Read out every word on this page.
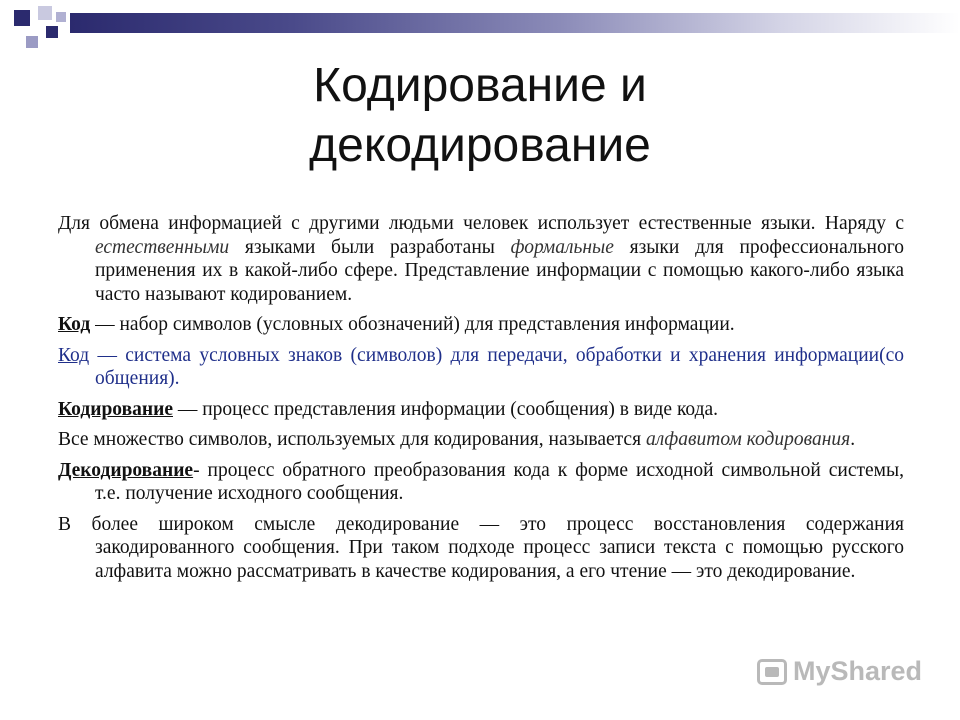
Кодирование и
декодирование

Для обмена информацией с другими людьми человек использует естественные языки. Наряду с естественными языками были разработаны формальные языки для профессионального применения их в какой-либо сфере. Представление информации с помощью какого-либо языка часто называют кодированием.

Код — набор символов (условных обозначений) для представления информации.

Код — система условных знаков (символов) для передачи, обработки и хранения информации(со общения).

Кодирование — процесс представления информации (сообщения) в виде кода.

Все множество символов, используемых для кодирования, называется алфавитом кодирования.

Декодирование- процесс обратного преобразования кода к форме исходной символьной системы, т.е. получение исходного сообщения.

В более широком смысле декодирование — это процесс восстановления содержания закодированного сообщения. При таком подходе процесс записи текста с помощью русского алфавита можно рассматривать в качестве кодирования, а его чтение — это декодирование.

MyShared
